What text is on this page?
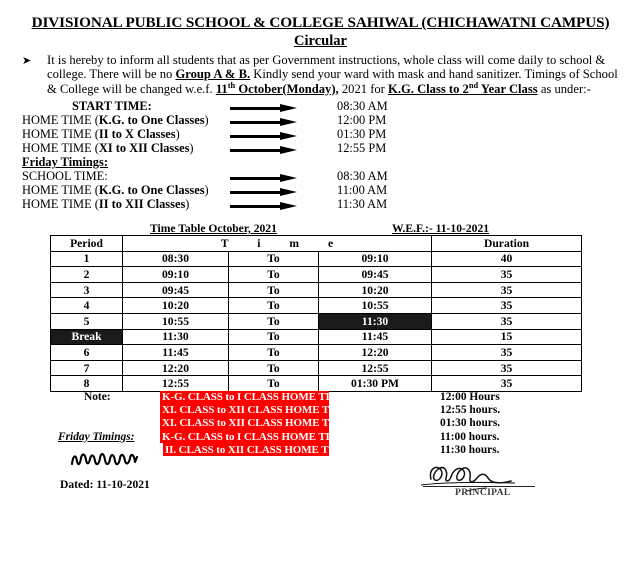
DIVISIONAL PUBLIC SCHOOL & COLLEGE SAHIWAL (CHICHAWATNI CAMPUS)
Circular
➤ It is hereby to inform all students that as per Government instructions, whole class will come daily to school & college. There will be no Group A & B. Kindly send your ward with mask and hand sanitizer. Timings of School & College will be changed w.e.f. 11th October(Monday), 2021 for K.G. Class to 2nd Year Class as under:-
START TIME:	08:30 AM
HOME TIME (K.G. to One Classes)	12:00 PM
HOME TIME (II to X Classes)	01:30 PM
HOME TIME (XI to XII Classes)	12:55 PM
Friday Timings:
SCHOOL TIME:	08:30 AM
HOME TIME (K.G. to One Classes)	11:00 AM
HOME TIME (II to XII Classes)	11:30 AM
Time Table October, 2021	W.E.F.:- 11-10-2021
Period	T i m e			Duration
1	08:30	To	09:10	40
2	09:10	To	09:45	35
3	09:45	To	10:20	35
4	10:20	To	10:55	35
5	10:55	To	11:30	35
Break	11:30	To	11:45	15
6	11:45	To	12:20	35
7	12:20	To	12:55	35
8	12:55	To	01:30 PM	35
Note:	K-G. CLASS to I CLASS HOME TIME	12:00 Hours
XI. CLASS to XII CLASS HOME TIME	12:55 hours.
XI. CLASS to XII CLASS HOME TIME	01:30 hours.
Friday Timings:	K-G. CLASS to I CLASS HOME TIME	11:00 hours.
II. CLASS to XII CLASS HOME TIME	11:30 hours.
PRINCIPAL
Dated: 11-10-2021
